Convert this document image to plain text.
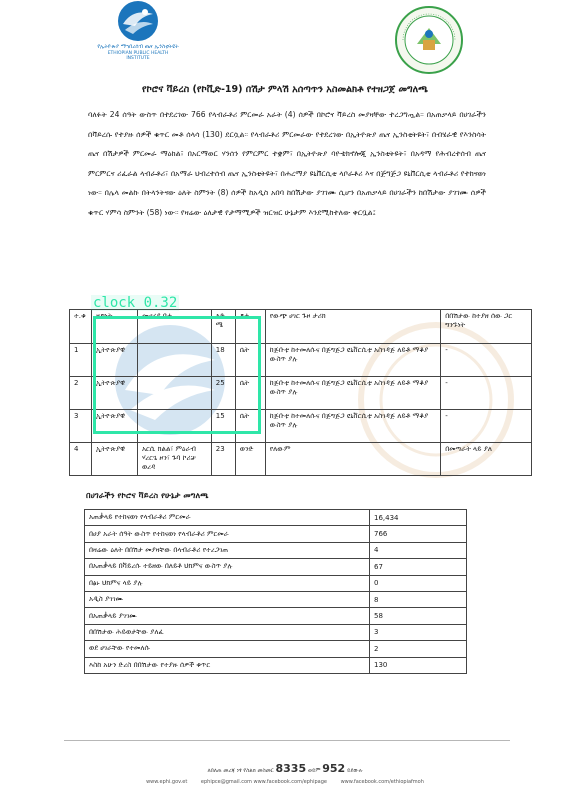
የኢትዮጵያ ማኅበረሰብ ጤና ኢንስቲትዩት
ETHIOPIAN PUBLIC HEALTH INSTITUTE
የኮሮና ቫይረስ (የኮቪድ-19) በሽታ ምላሽ አሰጣጥን አስመልክቶ የተዘጋጀ መግለጫ

ባለፉት 24 ሰዓት ውስጥ በተደረገው 766 የላብራቶሪ ምርመራ አራት (4) ሰዎች በኮሮና ቫይረስ መያዛቸው ተረጋግጧል። በአጠቃላይ በሀገራችን በቫይረሱ የተያዙ ሰዎች ቁጥር መቶ ሰላሳ (130) ደርሷል። የላብራቶሪ ምርመራው የተደረገው በኢትዮጵያ ጤና ኢንስቲትዩት፣ በብሄራዊ የእንስሳት ጤና በሽታዎች ምርመራ ማዕከል፣ በአርማወር ሃንሰን የምርምር ተቋም፣ በኢትዮጵያ ባዮቴክኖሎጂ ኢንስቲትዩት፣ በአዳማ የሕብረተሰብ ጤና ምርምርና ሪፈራል ላብራቶሪ፣ በአማራ ህብረተሰብ ጤና ኢንስቲትዩት፣ በሐረማያ ዩኒቨርሲቲ ላቦራቶሪ እና በጅግጅጋ ዩኒቨርሲቲ ላብራቶሪ የተከናወነ ነው። በሌላ መልኩ በትላንትናው ዕለት ስምንት (8) ሰዎች ከአዲስ አበባ ከበሽታው ያገገሙ ሲሆን በአጠቃላይ በሀገራችን ከበሽታው ያገገሙ ሰዎች ቁጥር ሃምሳ ስምንት (58) ነው። የዛሬው ዕለታዊ የታማሚዎች ዝርዝር ሁኔታም እንደሚከተለው ቀርቧል፤

ተ.ቁ	ዜግነት	መኖሪያ ቦታ	እድ ሜ	ፆታ	የውጭ ሀገር ጉዞ ታሪክ	በበሽታው ከተያዘ ሰው ጋር ግንኙነት
1	ኢትዮጵያዊ		18	ሴት	ከጅቡቲ ከተመለሱና በጅግጅጋ ዩኒቨርሲቲ አስገዳጅ ለይቶ ማቆያ ውስጥ ያሉ	-
2	ኢትዮጵያዊ		25	ሴት	ከጅቡቲ ከተመለሱና በጅግጅጋ ዩኒቨርሲቲ አስገዳጅ ለይቶ ማቆያ ውስጥ ያሉ	-
3	ኢትዮጵያዊ		15	ሴት	ከጅቡቲ ከተመለሱና በጅግጅጋ ዩኒቨርሲቲ አስገዳጅ ለይቶ ማቆያ ውስጥ ያሉ	-
4	ኢትዮጵያዊ	አርሲ ክልል፣ ምዕራብ ሃረርጌ ዞን፣ ጉባ ኮሪቻ ወረዳ	23	ወንድ	የለውም	በመጣራት ላይ ያለ
clock 0.32
በሀገራችን የኮሮና ቫይረስ የሁኔታ መግለጫ
አጠቃላይ የተከናወነ የላብራቶሪ ምርመራ	16,434
በሀያ አራት ሰዓት ውስጥ የተከናወነ የላብራቶሪ ምርመራ	766
በዛሬው ዕለት በበሽታ መያዛቸው በላብራቶሪ የተረጋገጠ	4
በአጠቃላይ በቫይረሱ ተይዘው በለይቶ ህክምና ውስጥ ያሉ	67
በፅኑ ህክምና ላይ ያሉ	0
አዲስ ያገገሙ	8
በአጠቃላይ ያገገሙ	58
በበሽታው ሕይወታቸው ያለፈ	3
ወደ ሀገራቸው የተመለሱ	2
እስከ አሁን ድረስ በበሽታው የተያዙ ሰዎች ቁጥር	130
ለበለጠ መረጃ ነፃ የስልክ መስመር 8335 ወይም 952 ይደውሉ
www.ephi.gov.et	ephipce@gmail.com www.facebook.com/ephipage	www.facebook.com/ethiopiafmoh
